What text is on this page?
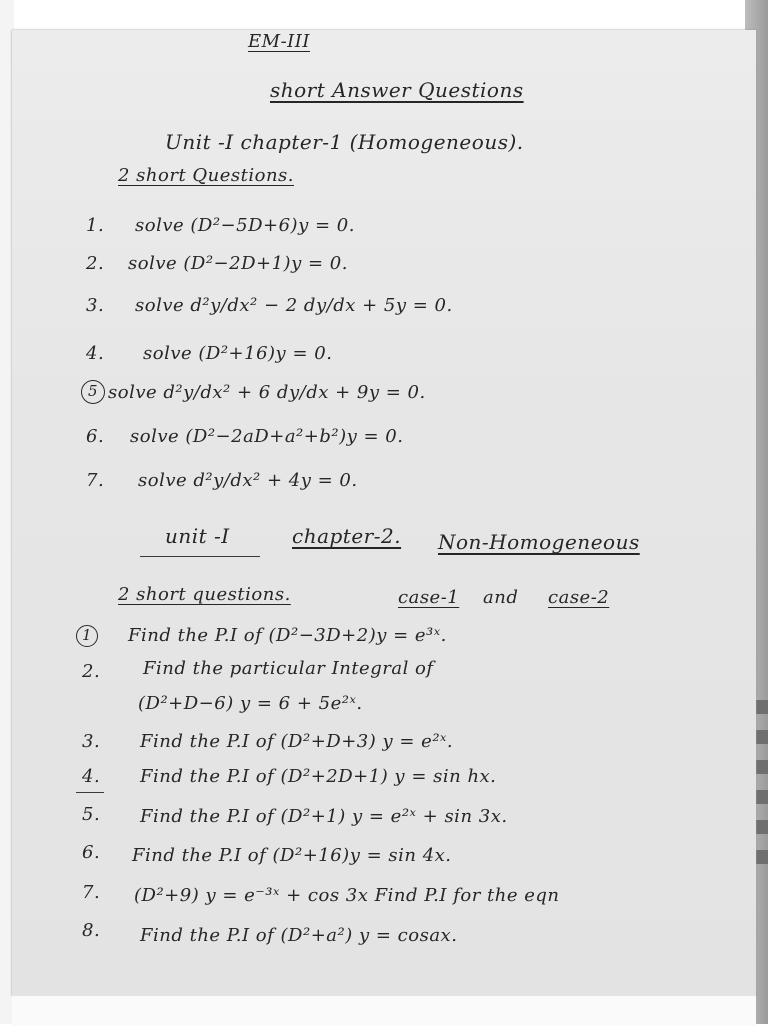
EM-III
short Answer Questions
Unit -I chapter-1 (Homogeneous).
2 short Questions.
1. solve (D²−5D+6)y = 0.
2. solve (D²−2D+1)y = 0.
3. solve d²y/dx² − 2 dy/dx + 5y = 0.
4. solve (D²+16)y = 0.
5 solve d²y/dx² + 6 dy/dx + 9y = 0.
6. solve (D²−2aD+a²+b²)y = 0.
7. solve d²y/dx² + 4y = 0.
unit -I	chapter-2. Non-Homogeneous
2 short questions.	case-1 and case-2
1 Find the P.I of (D²−3D+2)y = e³ˣ.
2. Find the particular Integral of
(D²+D−6) y = 6 + 5e²ˣ.
3. Find the P.I of (D²+D+3) y = e²ˣ.
4. Find the P.I of (D²+2D+1) y = sin hx.
5. Find the P.I of (D²+1) y = e²ˣ + sin 3x.
6. Find the P.I of (D²+16)y = sin 4x.
7. (D²+9) y = e⁻³ˣ + cos 3x Find P.I for the eqn
8. Find the P.I of (D²+a²) y = cosax.
